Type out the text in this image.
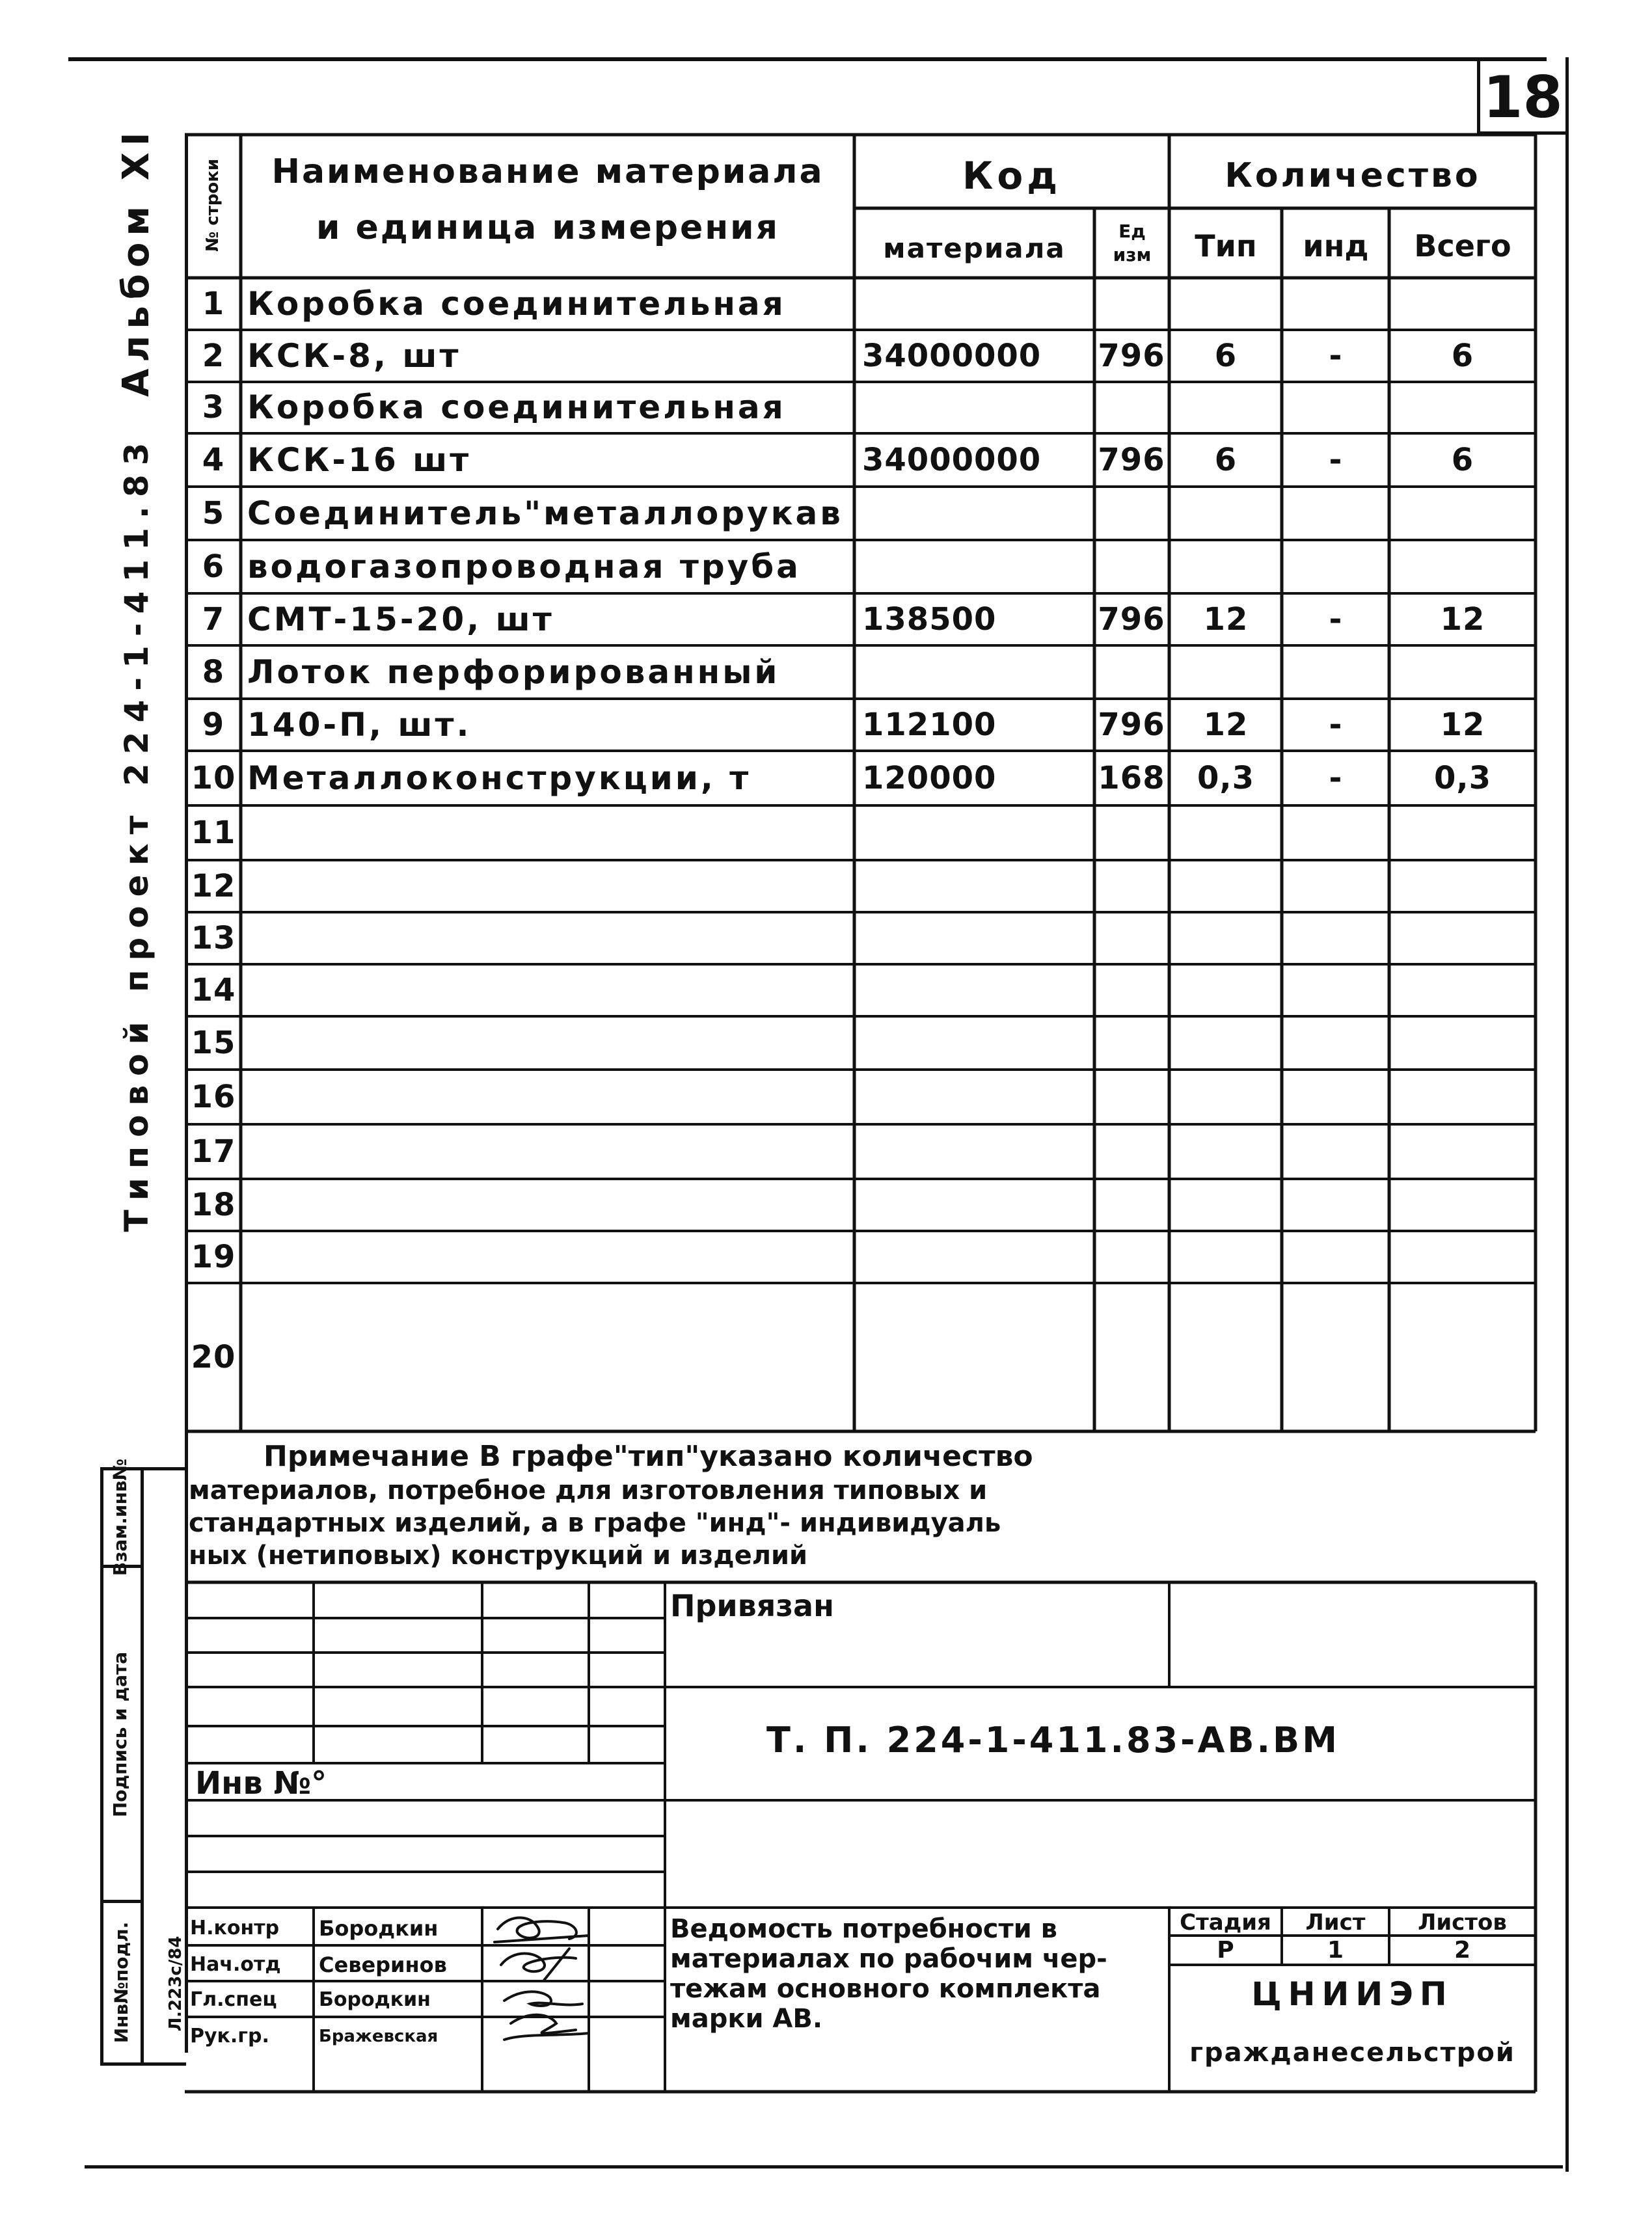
18
Альбом XI
Типовой проект 224-1-411.83
Инв№подл.
Подпись и дата
Взам.инв№
Л.223с/84
№ строки	Наименование материала
и единица измерения
Код
материала
Ед изм
Количество
Тип	инд	Всего
1 Коробка соединительная
2 КСК-8, шт	34000000	796	6	-	6
3 Коробка соединительная
4 КСК-16 шт	34000000	796	6	-	6
5 Соединитель"металлорукав
6 водогазопроводная труба
7 СМТ-15-20, шт	138500	796	12	-	12
8 Лоток перфорированный
9 140-П, шт.	112100	796	12	-	12
10 Металлоконструкции, т	120000	168	0,3	-	0,3
11
12
13
14
15
16
17
18
19
20
Примечание В графе"тип"указано количество
материалов, потребное для изготовления типовых и
стандартных изделий, а в графе "инд"- индивидуаль
ных (нетиповых) конструкций и изделий
Привязан
Инв №°
Т. П. 224-1-411.83-АВ.ВМ
Ведомость потребности в
материалах по рабочим чер-
тежам основного комплекта
марки АВ.
Стадия	Лист	Листов
Р	1	2
ЦНИИЭП
гражданесельстрой
Н.контр Бородкин
Нач.отд Северинов
Гл.спец Бородкин
Рук.гр.	Бражевская
